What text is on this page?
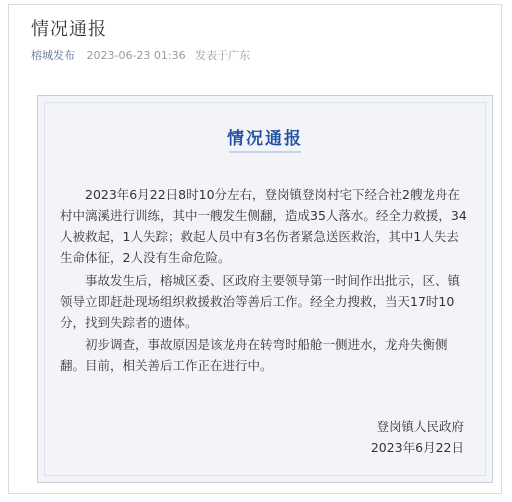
情况通报
榕城发布 2023-06-23 01:36 发表于广东
情况通报

2023年6月22日8时10分左右，登岗镇登岗村宅下经合社2艘龙舟在村中漓溪进行训练，其中一艘发生侧翻，造成35人落水。经全力救援，34人被救起，1人失踪；救起人员中有3名伤者紧急送医救治，其中1人失去生命体征，2人没有生命危险。

事故发生后，榕城区委、区政府主要领导第一时间作出批示，区、镇领导立即赶赴现场组织救援救治等善后工作。经全力搜救，当天17时10分，找到失踪者的遗体。

初步调查，事故原因是该龙舟在转弯时船舱一侧进水，龙舟失衡侧翻。目前，相关善后工作正在进行中。

登岗镇人民政府
2023年6月22日
